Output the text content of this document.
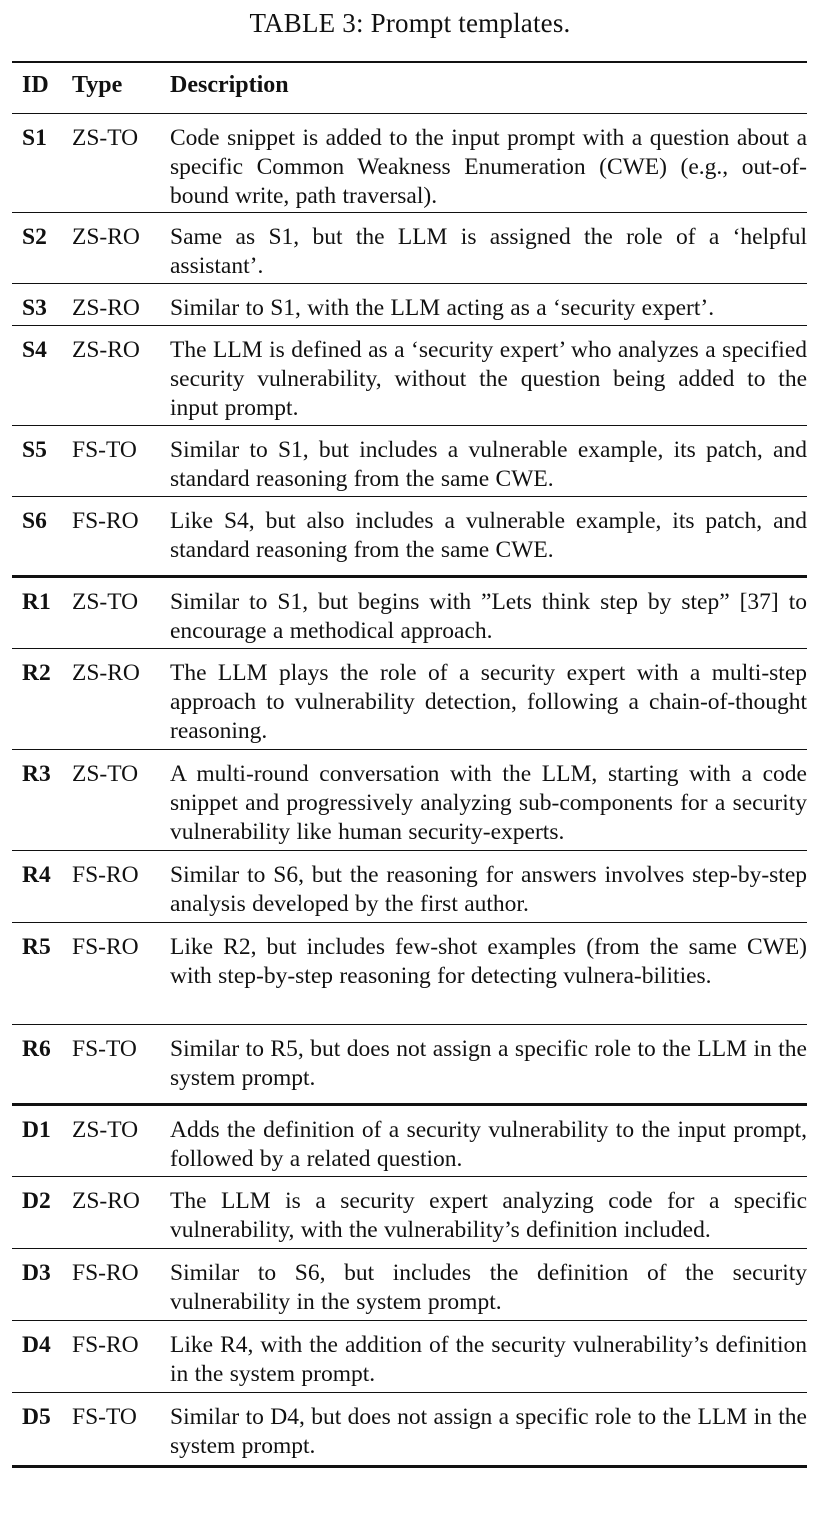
TABLE 3: Prompt templates.
ID Type Description
S1 ZS-TO Code snippet is added to the input prompt with a question about a specific Common Weakness Enumeration (CWE) (e.g., out-of-bound write, path traversal).
S2 ZS-RO Same as S1, but the LLM is assigned the role of a ‘helpful assistant’.
S3 ZS-RO Similar to S1, with the LLM acting as a ‘security expert’.
S4 ZS-RO The LLM is defined as a ‘security expert’ who analyzes a specified security vulnerability, without the question being added to the input prompt.
S5 FS-TO Similar to S1, but includes a vulnerable example, its patch, and standard reasoning from the same CWE.
S6 FS-RO Like S4, but also includes a vulnerable example, its patch, and standard reasoning from the same CWE.
R1 ZS-TO Similar to S1, but begins with ”Lets think step by step” [37] to encourage a methodical approach.
R2 ZS-RO The LLM plays the role of a security expert with a multi-step approach to vulnerability detection, following a chain-of-thought reasoning.
R3 ZS-TO A multi-round conversation with the LLM, starting with a code snippet and progressively analyzing sub-components for a security vulnerability like human security-experts.
R4 FS-RO Similar to S6, but the reasoning for answers involves step-by-step analysis developed by the first author.
R5 FS-RO Like R2, but includes few-shot examples (from the same CWE) with step-by-step reasoning for detecting vulnera-bilities.
R6 FS-TO Similar to R5, but does not assign a specific role to the LLM in the system prompt.
D1 ZS-TO Adds the definition of a security vulnerability to the input prompt, followed by a related question.
D2 ZS-RO The LLM is a security expert analyzing code for a specific vulnerability, with the vulnerability’s definition included.
D3 FS-RO Similar to S6, but includes the definition of the security vulnerability in the system prompt.
D4 FS-RO Like R4, with the addition of the security vulnerability’s definition in the system prompt.
D5 FS-TO Similar to D4, but does not assign a specific role to the LLM in the system prompt.
